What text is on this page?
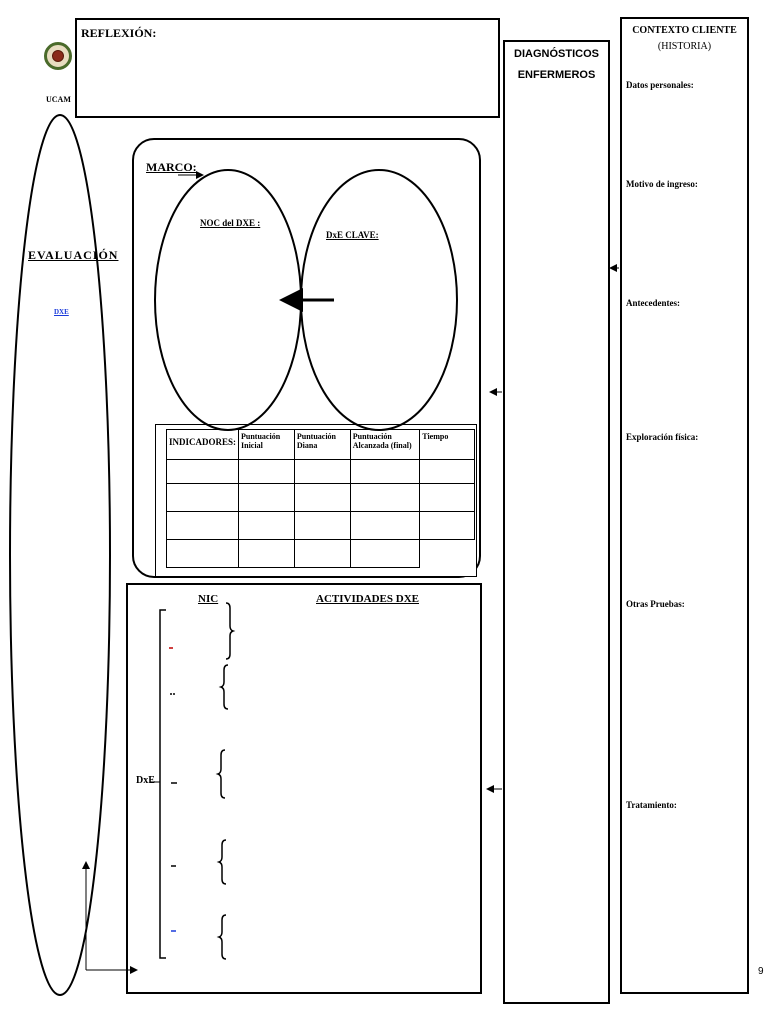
UCAM
REFLEXIÓN:
EVALUACIÓN
DXE
MARCO:
NOC del DXE :
DxE CLAVE:
INDICADORES:	Puntuación Inicial	Puntuación Diana	Puntuación Alcanzada (final)	Tiempo

NIC	ACTIVIDADES DXE
DxE
DIAGNÓSTICOS
ENFERMEROS
CONTEXTO CLIENTE
(HISTORIA)
Datos personales:
Motivo de ingreso:
Antecedentes:
Exploración física:
Otras Pruebas:
Tratamiento:
9
